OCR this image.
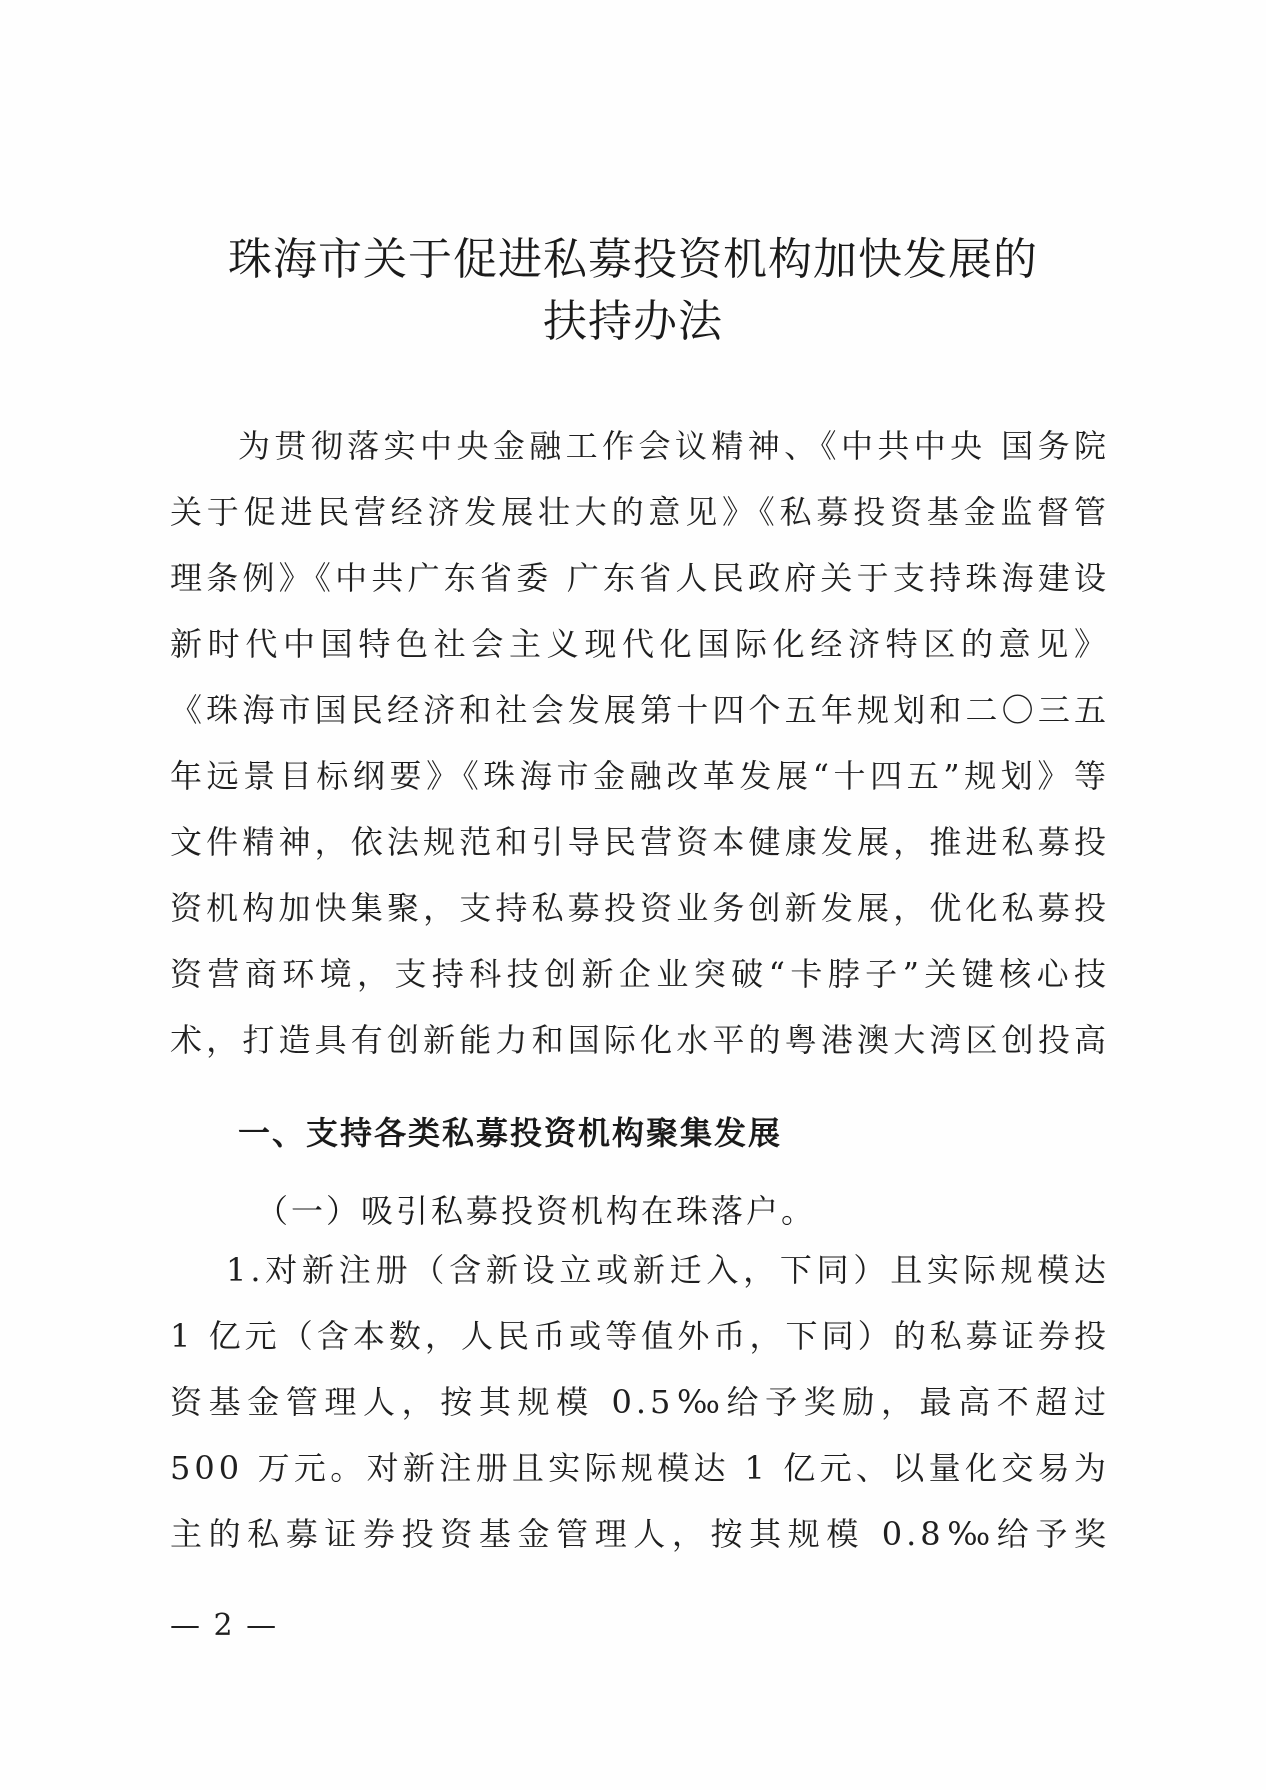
珠海市关于促进私募投资机构加快发展的
扶持办法
为贯彻落实中央金融工作会议精神、《中共中央 国务院关于促进民营经济发展壮大的意见》《私募投资基金监督管理条例》《中共广东省委 广东省人民政府关于支持珠海建设新时代中国特色社会主义现代化国际化经济特区的意见》《珠海市国民经济和社会发展第十四个五年规划和二〇三五年远景目标纲要》《珠海市金融改革发展“十四五”规划》等文件精神，依法规范和引导民营资本健康发展，推进私募投资机构加快集聚，支持私募投资业务创新发展，优化私募投资营商环境，支持科技创新企业突破“卡脖子”关键核心技术，打造具有创新能力和国际化水平的粤港澳大湾区创投高
一、支持各类私募投资机构聚集发展
（一）吸引私募投资机构在珠落户。
1.对新注册（含新设立或新迁入，下同）且实际规模达 1 亿元（含本数，人民币或等值外币，下同）的私募证券投资基金管理人，按其规模 0.5‰给予奖励，最高不超过 500 万元。对新注册且实际规模达 1 亿元、以量化交易为主的私募证券投资基金管理人，按其规模 0.8‰给予奖
— 2 —
